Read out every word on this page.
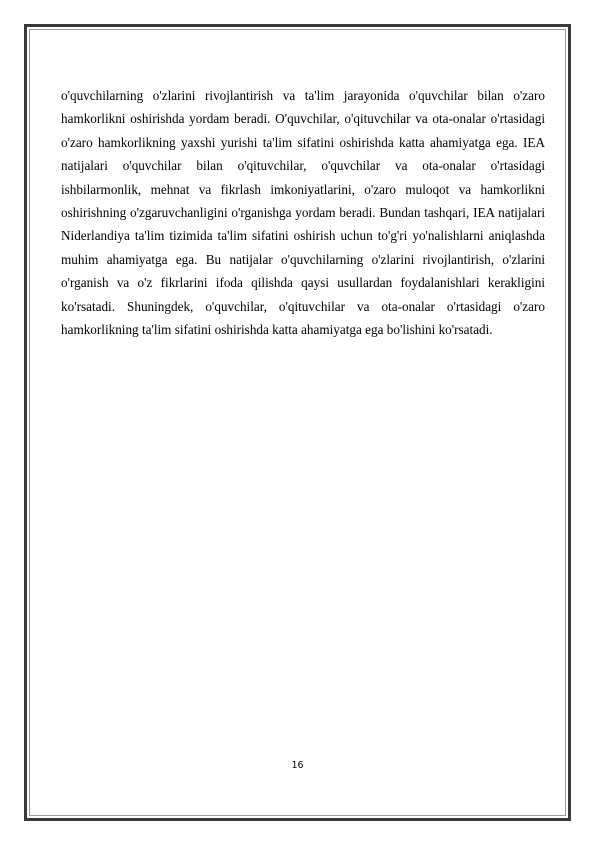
o'quvchilarning o'zlarini rivojlantirish va ta'lim jarayonida o'quvchilar bilan o'zaro hamkorlikni oshirishda yordam beradi. O'quvchilar, o'qituvchilar va ota-onalar o'rtasidagi o'zaro hamkorlikning yaxshi yurishi ta'lim sifatini oshirishda katta ahamiyatga ega. IEA natijalari o'quvchilar bilan o'qituvchilar, o'quvchilar va ota-onalar o'rtasidagi ishbilarmonlik, mehnat va fikrlash imkoniyatlarini, o'zaro muloqot va hamkorlikni oshirishning o'zgaruvchanligini o'rganishga yordam beradi. Bundan tashqari, IEA natijalari Niderlandiya ta'lim tizimida ta'lim sifatini oshirish uchun to'g'ri yo'nalishlarni aniqlashda muhim ahamiyatga ega. Bu natijalar o'quvchilarning o'zlarini rivojlantirish, o'zlarini o'rganish va o'z fikrlarini ifoda qilishda qaysi usullardan foydalanishlari kerakligini ko'rsatadi. Shuningdek, o'quvchilar, o'qituvchilar va ota-onalar o'rtasidagi o'zaro hamkorlikning ta'lim sifatini oshirishda katta ahamiyatga ega bo'lishini ko'rsatadi.

16
